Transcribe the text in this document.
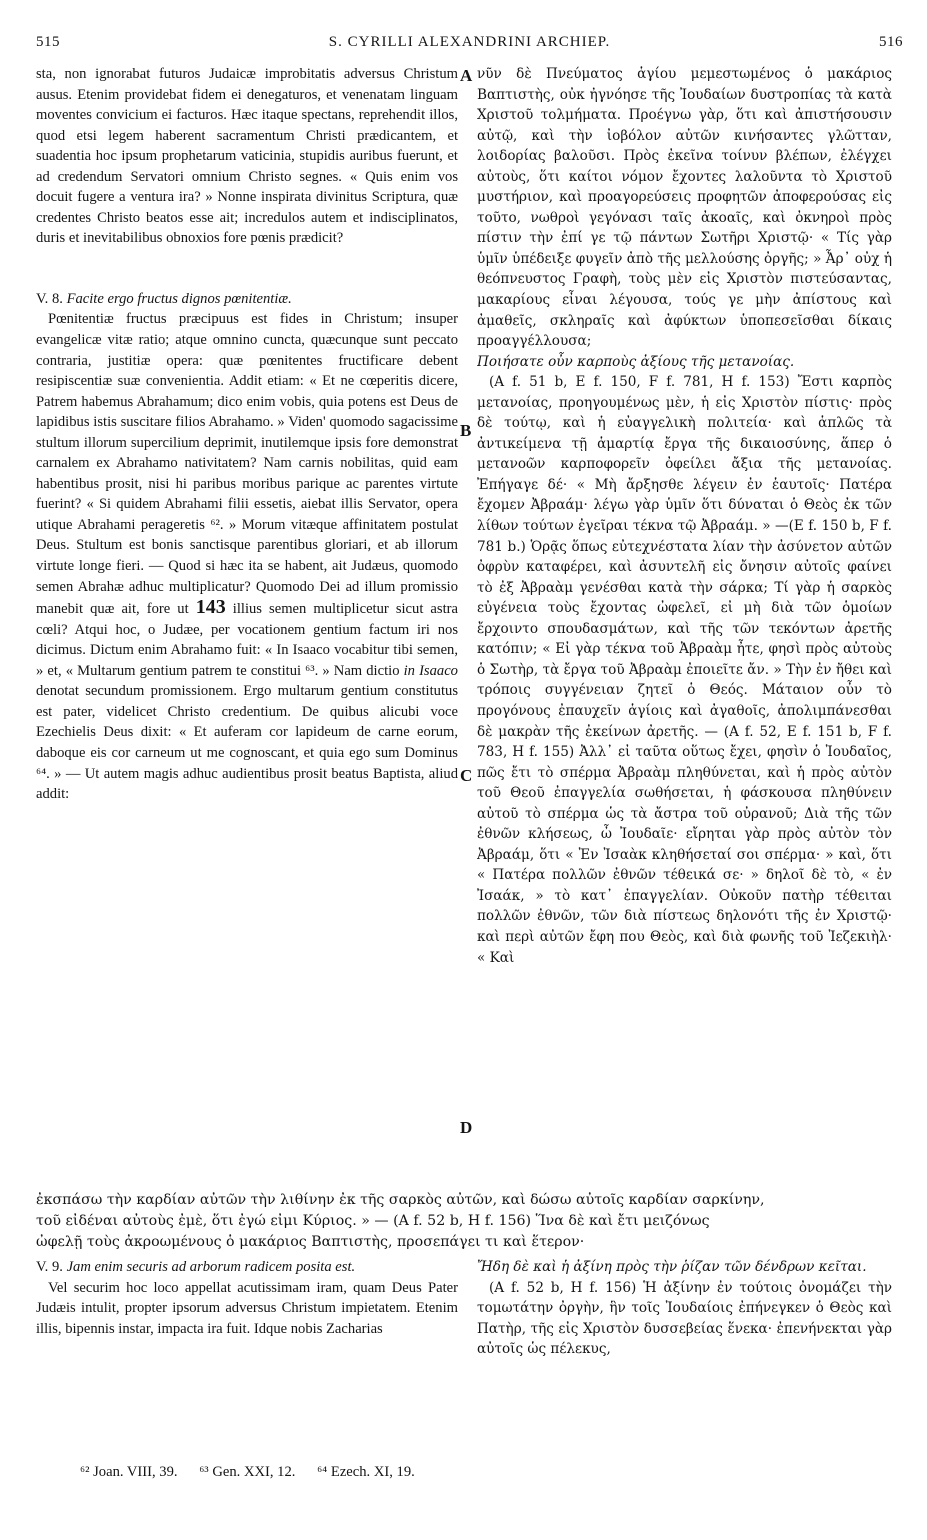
515	S. CYRILLI ALEXANDRINI ARCHIEP.	516
A
B
C
D

sta, non ignorabat futuros Judaicæ improbitatis adversus Christum ausus. Etenim providebat fidem ei denegaturos, et venenatam linguam moventes convicium ei facturos. Hæc itaque spectans, reprehendit illos, quod etsi legem haberent sacramentum Christi prædicantem, et suadentia hoc ipsum prophetarum vaticinia, stupidis auribus fuerunt, et ad credendum Servatori omnium Christo segnes. « Quis enim vos docuit fugere a ventura ira? » Nonne inspirata divinitus Scriptura, quæ credentes Christo beatos esse ait; incredulos autem et indisciplinatos, duris et inevitabilibus obnoxios fore pœnis prædicit?

V. 8. Facite ergo fructus dignos pœnitentiæ.

Pœnitentiæ fructus præcipuus est fides in Christum; insuper evangelicæ vitæ ratio; atque omnino cuncta, quæcunque sunt peccato contraria, justitiæ opera: quæ pœnitentes fructificare debent resipiscentiæ suæ convenientia. Addit etiam: « Et ne cœperitis dicere, Patrem habemus Abrahamum; dico enim vobis, quia potens est Deus de lapidibus istis suscitare filios Abrahamo. » Viden' quomodo sagacissime stultum illorum supercilium deprimit, inutilemque ipsis fore demonstrat carnalem ex Abrahamo nativitatem? Nam carnis nobilitas, quid eam habentibus prosit, nisi hi paribus moribus parique ac parentes virtute fuerint? « Si quidem Abrahami filii essetis, aiebat illis Servator, opera utique Abrahami perageretis ⁶². » Morum vitæque affinitatem postulat Deus. Stultum est bonis sanctisque parentibus gloriari, et ab illorum virtute longe fieri. — Quod si hæc ita se habent, ait Judæus, quomodo semen Abrahæ adhuc multiplicatur? Quomodo Dei ad illum promissio manebit quæ ait, fore ut 143 illius semen multiplicetur sicut astra cœli? Atqui hoc, o Judæe, per vocationem gentium factum iri nos dicimus. Dictum enim Abrahamo fuit: « In Isaaco vocabitur tibi semen, » et, « Multarum gentium patrem te constitui ⁶³. » Nam dictio in Isaaco denotat secundum promissionem. Ergo multarum gentium constitutus est pater, videlicet Christo credentium. De quibus alicubi voce Ezechielis Deus dixit: « Et auferam cor lapideum de carne eorum, daboque eis cor carneum ut me cognoscant, et quia ego sum Dominus ⁶⁴. » — Ut autem magis adhuc audientibus prosit beatus Baptista, aliud addit:

νῦν δὲ Πνεύματος ἁγίου μεμεστωμένος ὁ μακάριος Βαπτιστὴς, οὐκ ἠγνόησε τῆς Ἰουδαίων δυστροπίας τὰ κατὰ Χριστοῦ τολμήματα. Προέγνω γὰρ, ὅτι καὶ ἀπιστήσουσιν αὐτῷ, καὶ τὴν ἰοβόλον αὐτῶν κινήσαντες γλῶτταν, λοιδορίας βαλοῦσι. Πρὸς ἐκεῖνα τοίνυν βλέπων, ἐλέγχει αὐτοὺς, ὅτι καίτοι νόμον ἔχοντες λαλοῦντα τὸ Χριστοῦ μυστήριον, καὶ προαγορεύσεις προφητῶν ἀποφερούσας εἰς τοῦτο, νωθροὶ γεγόνασι ταῖς ἀκοαῖς, καὶ ὀκνηροὶ πρὸς πίστιν τὴν ἐπί γε τῷ πάντων Σωτῆρι Χριστῷ· « Τίς γὰρ ὑμῖν ὑπέδειξε φυγεῖν ἀπὸ τῆς μελλούσης ὀργῆς; » Ἆρ᾽ οὐχ ἡ θεόπνευστος Γραφὴ, τοὺς μὲν εἰς Χριστὸν πιστεύσαντας, μακαρίους εἶναι λέγουσα, τούς γε μὴν ἀπίστους καὶ ἀμαθεῖς, σκληραῖς καὶ ἀφύκτων ὑποπεσεῖσθαι δίκαις προαγγέλλουσα;

Ποιήσατε οὖν καρποὺς ἀξίους τῆς μετανοίας.

(A f. 51 b, E f. 150, F f. 781, H f. 153) Ἔστι καρπὸς μετανοίας, προηγουμένως μὲν, ἡ εἰς Χριστὸν πίστις· πρὸς δὲ τούτῳ, καὶ ἡ εὐαγγελικὴ πολιτεία· καὶ ἁπλῶς τὰ ἀντικείμενα τῇ ἁμαρτίᾳ ἔργα τῆς δικαιοσύνης, ἅπερ ὁ μετανοῶν καρποφορεῖν ὀφείλει ἄξια τῆς μετανοίας. Ἐπήγαγε δέ· « Μὴ ἄρξησθε λέγειν ἐν ἑαυτοῖς· Πατέρα ἔχομεν Ἀβραάμ· λέγω γὰρ ὑμῖν ὅτι δύναται ὁ Θεὸς ἐκ τῶν λίθων τούτων ἐγεῖραι τέκνα τῷ Ἀβραάμ. » —(E f. 150 b, F f. 781 b.) Ὁρᾷς ὅπως εὐτεχνέστατα λίαν τὴν ἀσύνετον αὐτῶν ὀφρὺν καταφέρει, καὶ ἀσυντελῆ εἰς ὄνησιν αὐτοῖς φαίνει τὸ ἐξ Ἀβραὰμ γενέσθαι κατὰ τὴν σάρκα; Τί γὰρ ἡ σαρκὸς εὐγένεια τοὺς ἔχοντας ὠφελεῖ, εἰ μὴ διὰ τῶν ὁμοίων ἔρχοιντο σπουδασμάτων, καὶ τῆς τῶν τεκόντων ἀρετῆς κατόπιν; « Εἰ γὰρ τέκνα τοῦ Ἀβραὰμ ἦτε, φησὶ πρὸς αὐτοὺς ὁ Σωτὴρ, τὰ ἔργα τοῦ Ἀβραὰμ ἐποιεῖτε ἄν. » Τὴν ἐν ἤθει καὶ τρόποις συγγένειαν ζητεῖ ὁ Θεός. Μάταιον οὖν τὸ προγόνους ἐπαυχεῖν ἁγίοις καὶ ἀγαθοῖς, ἀπολιμπάνεσθαι δὲ μακρὰν τῆς ἐκείνων ἀρετῆς. — (A f. 52, E f. 151 b, F f. 783, H f. 155) Ἀλλ᾽ εἰ ταῦτα οὕτως ἔχει, φησὶν ὁ Ἰουδαῖος, πῶς ἔτι τὸ σπέρμα Ἀβραὰμ πληθύνεται, καὶ ἡ πρὸς αὐτὸν τοῦ Θεοῦ ἐπαγγελία σωθήσεται, ἡ φάσκουσα πληθύνειν αὐτοῦ τὸ σπέρμα ὡς τὰ ἄστρα τοῦ οὐρανοῦ; Διὰ τῆς τῶν ἐθνῶν κλήσεως, ὦ Ἰουδαῖε· εἴρηται γὰρ πρὸς αὐτὸν τὸν Ἀβραάμ, ὅτι « Ἐν Ἰσαὰκ κληθήσεταί σοι σπέρμα· » καὶ, ὅτι « Πατέρα πολλῶν ἐθνῶν τέθεικά σε· » δηλοῖ δὲ τὸ, « ἐν Ἰσαάκ, » τὸ κατ᾽ ἐπαγγελίαν. Οὐκοῦν πατὴρ τέθειται πολλῶν ἐθνῶν, τῶν διὰ πίστεως δηλονότι τῆς ἐν Χριστῷ· καὶ περὶ αὐτῶν ἔφη που Θεὸς, καὶ διὰ φωνῆς τοῦ Ἰεζεκιὴλ· « Καὶ

ἐκσπάσω τὴν καρδίαν αὐτῶν τὴν λιθίνην ἐκ τῆς σαρκὸς αὐτῶν, καὶ δώσω αὐτοῖς καρδίαν σαρκίνην,
τοῦ εἰδέναι αὐτοὺς ἐμὲ, ὅτι ἐγώ εἰμι Κύριος. » — (A f. 52 b, H f. 156) Ἵνα δὲ καὶ ἔτι μειζόνως
ὠφελῇ τοὺς ἀκροωμένους ὁ μακάριος Βαπτιστὴς, προσεπάγει τι καὶ ἕτερον·

V. 9. Jam enim securis ad arborum radicem posita est.

Vel securim hoc loco appellat acutissimam iram, quam Deus Pater Judæis intulit, propter ipsorum adversus Christum impietatem. Etenim illis, bipennis instar, impacta ira fuit. Idque nobis Zacharias

Ἤδη δὲ καὶ ἡ ἀξίνη πρὸς τὴν ῥίζαν τῶν δένδρων κεῖται.

(A f. 52 b, H f. 156) Ἡ ἀξίνην ἐν τούτοις ὀνομάζει τὴν τομωτάτην ὀργὴν, ἣν τοῖς Ἰουδαίοις ἐπήνεγκεν ὁ Θεὸς καὶ Πατὴρ, τῆς εἰς Χριστὸν δυσσεβείας ἕνεκα· ἐπενήνεκται γὰρ αὐτοῖς ὡς πέλεκυς,

⁶² Joan. VIII, 39. ⁶³ Gen. XXI, 12. ⁶⁴ Ezech. XI, 19.
